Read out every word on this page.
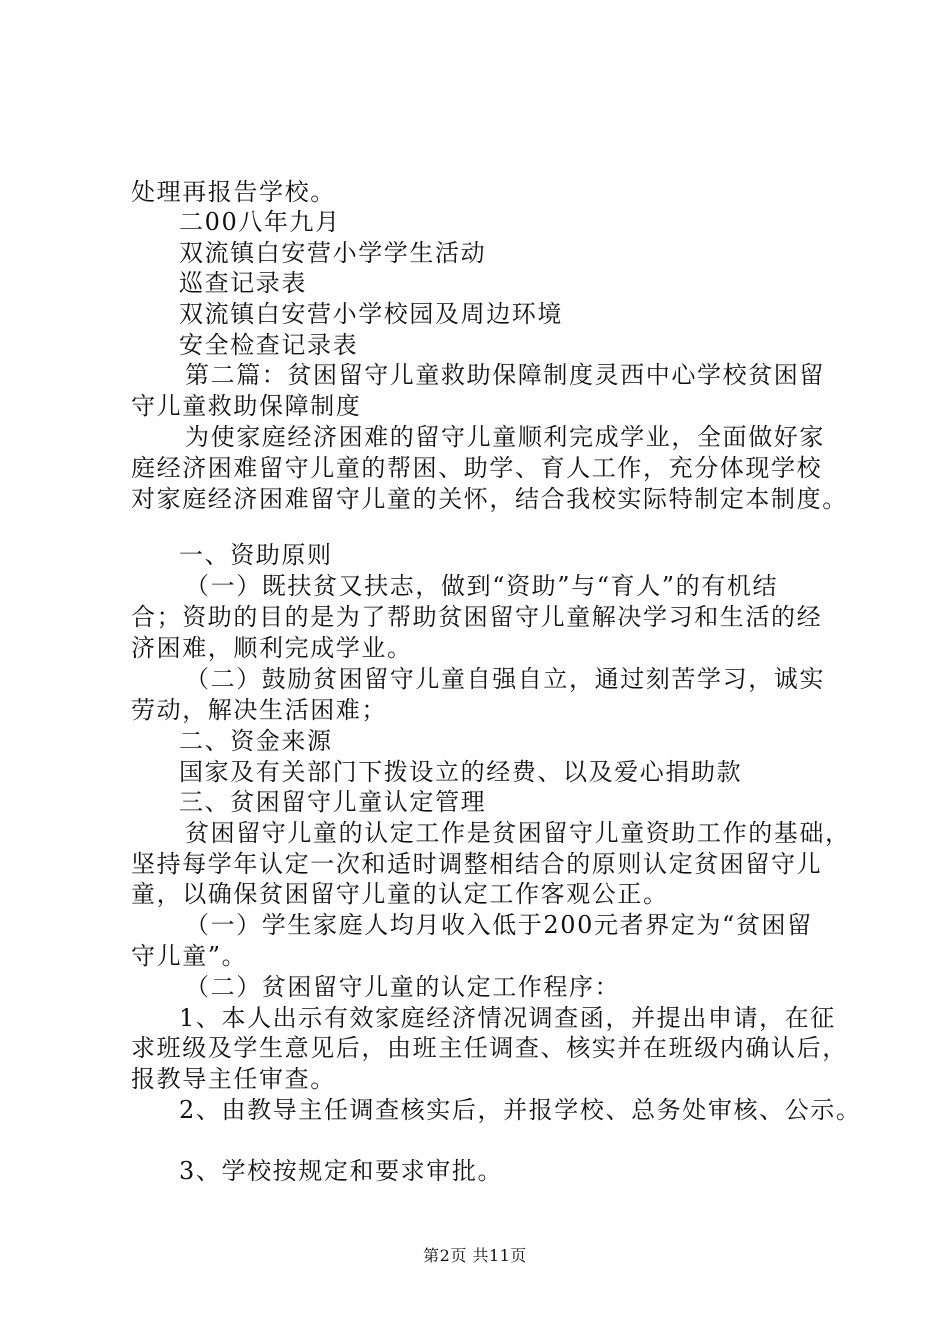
处理再报告学校。
二00八年九月
双流镇白安营小学学生活动
巡查记录表
双流镇白安营小学校园及周边环境
安全检查记录表
第二篇：贫困留守儿童救助保障制度灵西中心学校贫困留
守儿童救助保障制度
为使家庭经济困难的留守儿童顺利完成学业，全面做好家
庭经济困难留守儿童的帮困、助学、育人工作，充分体现学校
对家庭经济困难留守儿童的关怀，结合我校实际特制定本制度。
一、资助原则
（一）既扶贫又扶志，做到“资助”与“育人”的有机结
合；资助的目的是为了帮助贫困留守儿童解决学习和生活的经
济困难，顺利完成学业。
（二）鼓励贫困留守儿童自强自立，通过刻苦学习，诚实
劳动，解决生活困难；
二、资金来源
国家及有关部门下拨设立的经费、以及爱心捐助款
三、贫困留守儿童认定管理
贫困留守儿童的认定工作是贫困留守儿童资助工作的基础，
坚持每学年认定一次和适时调整相结合的原则认定贫困留守儿
童，以确保贫困留守儿童的认定工作客观公正。
（一）学生家庭人均月收入低于200元者界定为“贫困留
守儿童”。
（二）贫困留守儿童的认定工作程序：
1、本人出示有效家庭经济情况调查函，并提出申请，在征
求班级及学生意见后，由班主任调查、核实并在班级内确认后，
报教导主任审查。
2、由教导主任调查核实后，并报学校、总务处审核、公示。
3、学校按规定和要求审批。
第2页 共11页
